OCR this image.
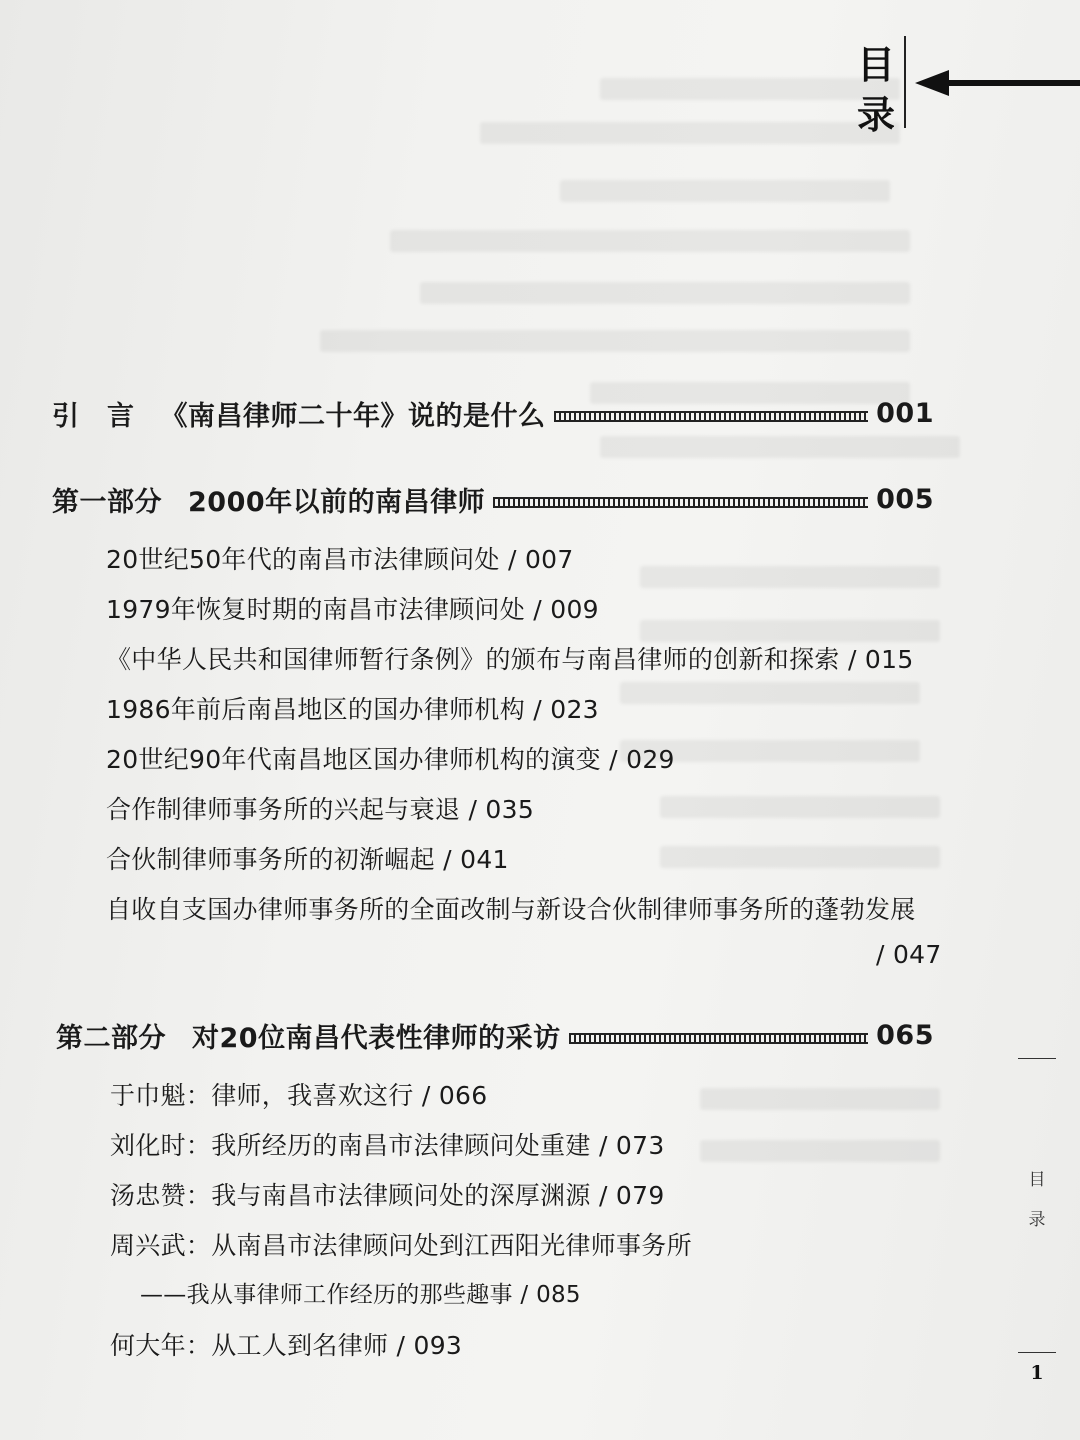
目
录
引　言 《南昌律师二十年》说的是什么	001
第一部分 2000年以前的南昌律师	005
20世纪50年代的南昌市法律顾问处 / 007
1979年恢复时期的南昌市法律顾问处 / 009
《中华人民共和国律师暂行条例》的颁布与南昌律师的创新和探索 / 015
1986年前后南昌地区的国办律师机构 / 023
20世纪90年代南昌地区国办律师机构的演变 / 029
合作制律师事务所的兴起与衰退 / 035
合伙制律师事务所的初渐崛起 / 041
自收自支国办律师事务所的全面改制与新设合伙制律师事务所的蓬勃发展
/ 047
第二部分 对20位南昌代表性律师的采访	065
于巾魁：律师，我喜欢这行 / 066
刘化时：我所经历的南昌市法律顾问处重建 / 073
汤忠赞：我与南昌市法律顾问处的深厚渊源 / 079
周兴武：从南昌市法律顾问处到江西阳光律师事务所
——我从事律师工作经历的那些趣事 / 085
何大年：从工人到名律师 / 093
目
录
1
